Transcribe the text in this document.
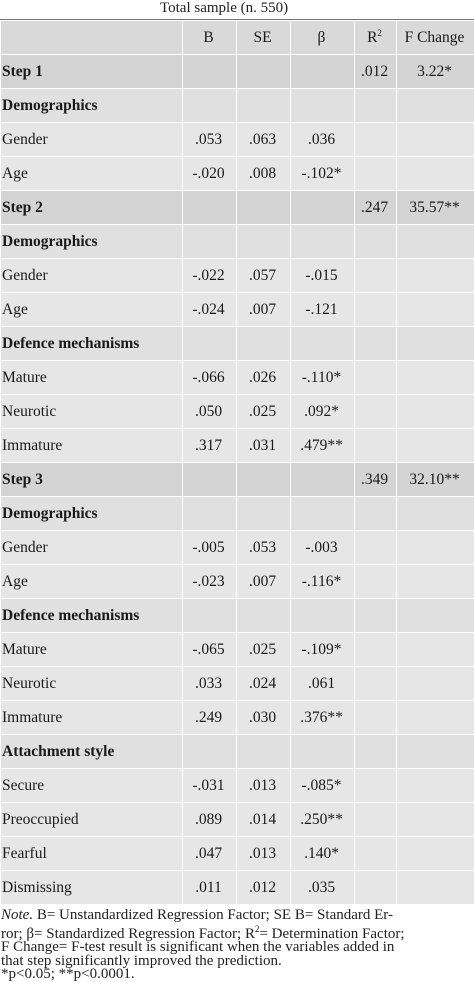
Total sample (n. 550)
	B	SE	β	$R^2$	F Change
Step 1				.012	3.22*
Demographics					
Gender	.053	.063	.036		
Age	-.020	.008	-.102*		
Step 2				.247	35.57**
Demographics					
Gender	-.022	.057	-.015		
Age	-.024	.007	-.121		
Defence mechanisms					
Mature	-.066	.026	-.110*		
Neurotic	.050	.025	.092*		
Immature	.317	.031	.479**		
Step 3				.349	32.10**
Demographics					
Gender	-.005	.053	-.003		
Age	-.023	.007	-.116*		
Defence mechanisms					
Mature	-.065	.025	-.109*		
Neurotic	.033	.024	.061		
Immature	.249	.030	.376**		
Attachment style					
Secure	-.031	.013	-.085*		
Preoccupied	.089	.014	.250**		
Fearful	.047	.013	.140*		
Dismissing	.011	.012	.035		

Note. B= Unstandardized Regression Factor; SE B= Standard Er-

ror; β= Standardized Regression Factor; $R^2=$ Determination Factor;

F Change= F-test result is significant when the variables added in

that step significantly improved the prediction.

*p<0.05; **p<0.0001.
